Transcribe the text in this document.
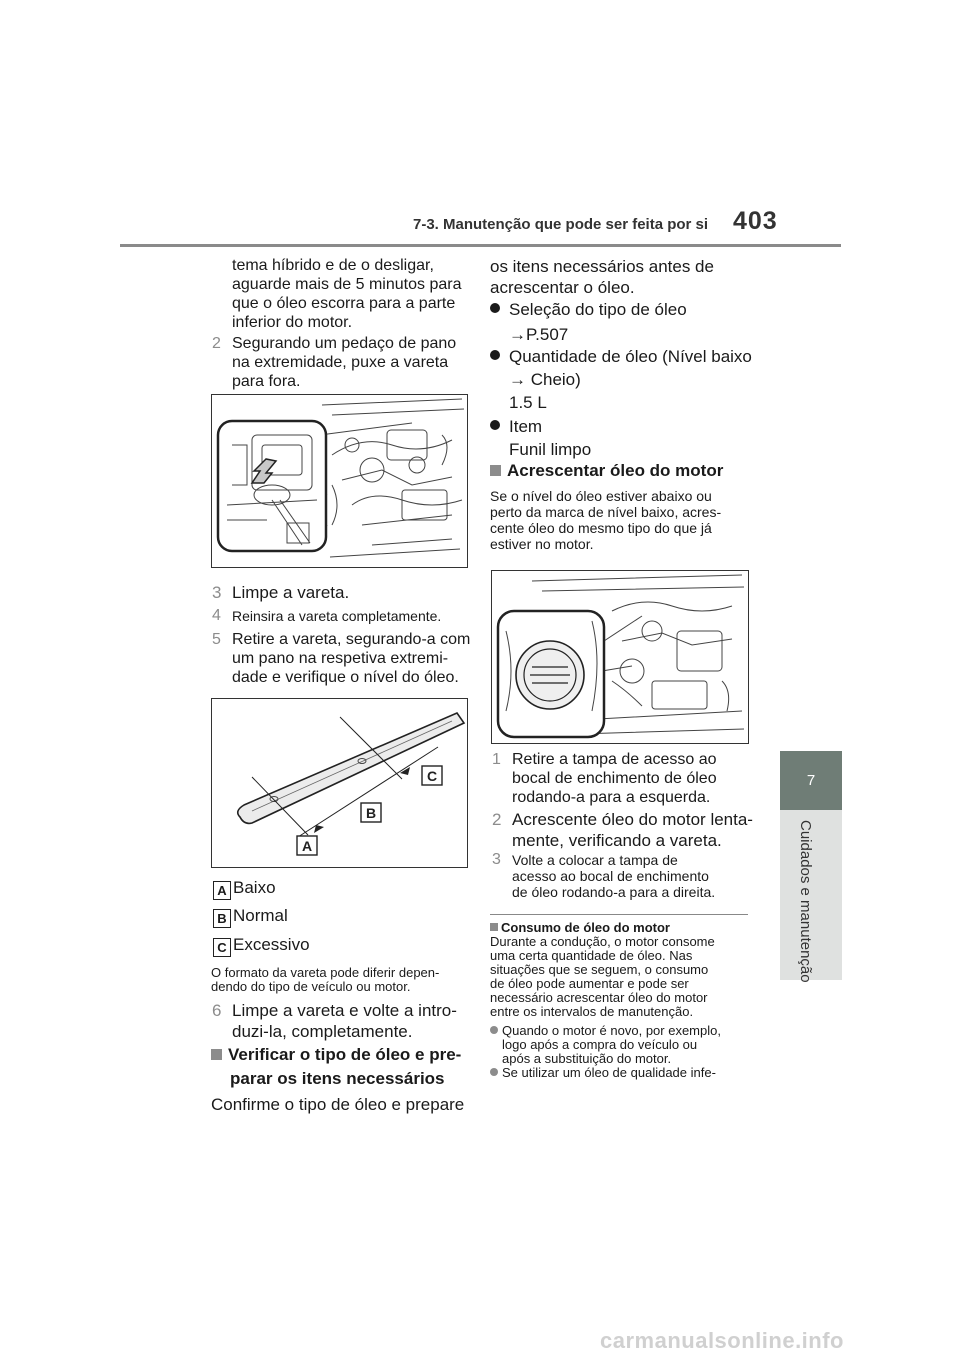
7-3. Manutenção que pode ser feita por si 403
7
Cuidados e manutenção
tema híbrido e de o desligar,
aguarde mais de 5 minutos para
que o óleo escorra para a parte
inferior do motor.
2 Segurando um pedaço de pano
na extremidade, puxe a vareta
para fora.
3 Limpe a vareta.
4 Reinsira a vareta completamente.
5 Retire a vareta, segurando-a com
um pano na respetiva extremi-
dade e verifique o nível do óleo.
A
B
C
A Baixo
B Normal
C Excessivo
O formato da vareta pode diferir depen-
dendo do tipo de veículo ou motor.
6 Limpe a vareta e volte a intro-
duzi-la, completamente.
Verificar o tipo de óleo e pre-
parar os itens necessários
Confirme o tipo de óleo e prepare
os itens necessários antes de
acrescentar o óleo.
Seleção do tipo de óleo
→P.507
Quantidade de óleo (Nível baixo
→ Cheio)
1.5 L
Item
Funil limpo
Acrescentar óleo do motor
Se o nível do óleo estiver abaixo ou
perto da marca de nível baixo, acres-
cente óleo do mesmo tipo do que já
estiver no motor.
1 Retire a tampa de acesso ao
bocal de enchimento de óleo
rodando-a para a esquerda.
2 Acrescente óleo do motor lenta-
mente, verificando a vareta.
3 Volte a colocar a tampa de
acesso ao bocal de enchimento
de óleo rodando-a para a direita.
Consumo de óleo do motor
Durante a condução, o motor consome
uma certa quantidade de óleo. Nas
situações que se seguem, o consumo
de óleo pode aumentar e pode ser
necessário acrescentar óleo do motor
entre os intervalos de manutenção.
Quando o motor é novo, por exemplo,
logo após a compra do veículo ou
após a substituição do motor.
Se utilizar um óleo de qualidade infe-
carmanualsonline.info
